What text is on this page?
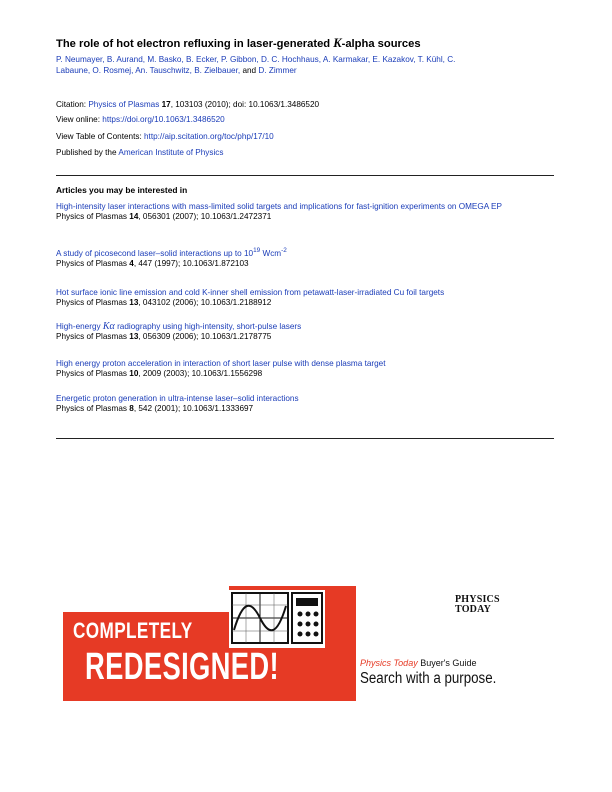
The role of hot electron refluxing in laser-generated K-alpha sources
P. Neumayer, B. Aurand, M. Basko, B. Ecker, P. Gibbon, D. C. Hochhaus, A. Karmakar, E. Kazakov, T. Kühl, C.
Labaune, O. Rosmej, An. Tauschwitz, B. Zielbauer, and D. Zimmer
Citation: Physics of Plasmas 17, 103103 (2010); doi: 10.1063/1.3486520
View online: https://doi.org/10.1063/1.3486520
View Table of Contents: http://aip.scitation.org/toc/php/17/10
Published by the American Institute of Physics
Articles you may be interested in
High-intensity laser interactions with mass-limited solid targets and implications for fast-ignition experiments on OMEGA EP
Physics of Plasmas 14, 056301 (2007); 10.1063/1.2472371
A study of picosecond laser–solid interactions up to $10^{19}$ Wcm$^{-2}$
Physics of Plasmas 4, 447 (1997); 10.1063/1.872103
Hot surface ionic line emission and cold K-inner shell emission from petawatt-laser-irradiated Cu foil targets
Physics of Plasmas 13, 043102 (2006); 10.1063/1.2188912
High-energy Kα radiography using high-intensity, short-pulse lasers
Physics of Plasmas 13, 056309 (2006); 10.1063/1.2178775
High energy proton acceleration in interaction of short laser pulse with dense plasma target
Physics of Plasmas 10, 2009 (2003); 10.1063/1.1556298
Energetic proton generation in ultra-intense laser–solid interactions
Physics of Plasmas 8, 542 (2001); 10.1063/1.1333697
COMPLETELY
REDESIGNED!
PHYSICS
TODAY
Physics Today Buyer's Guide
Search with a purpose.
